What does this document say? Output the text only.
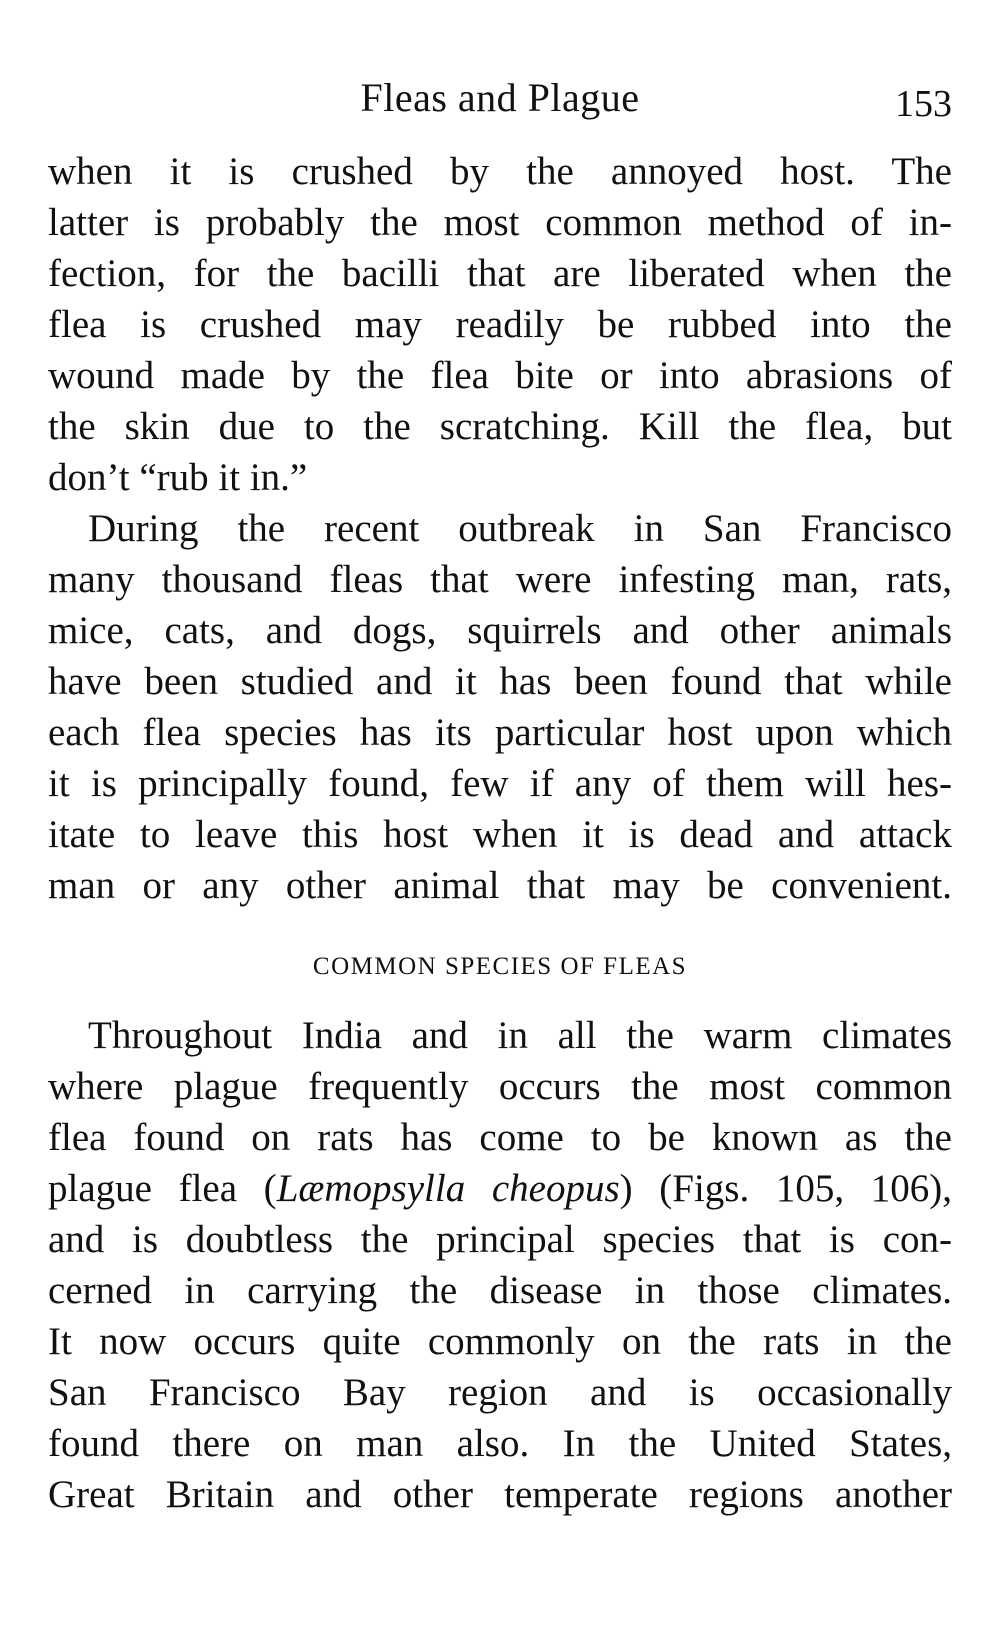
Fleas and Plague	153
when it is crushed by the annoyed host. The
latter is probably the most common method of in-
fection, for the bacilli that are liberated when the
flea is crushed may readily be rubbed into the
wound made by the flea bite or into abrasions of
the skin due to the scratching. Kill the flea, but
don’t “rub it in.”
During the recent outbreak in San Francisco
many thousand fleas that were infesting man, rats,
mice, cats, and dogs, squirrels and other animals
have been studied and it has been found that while
each flea species has its particular host upon which
it is principally found, few if any of them will hes-
itate to leave this host when it is dead and attack
man or any other animal that may be convenient.
COMMON SPECIES OF FLEAS
Throughout India and in all the warm climates
where plague frequently occurs the most common
flea found on rats has come to be known as the
plague flea (Læmopsylla cheopus) (Figs. 105, 106),
and is doubtless the principal species that is con-
cerned in carrying the disease in those climates.
It now occurs quite commonly on the rats in the
San Francisco Bay region and is occasionally
found there on man also. In the United States,
Great Britain and other temperate regions another
